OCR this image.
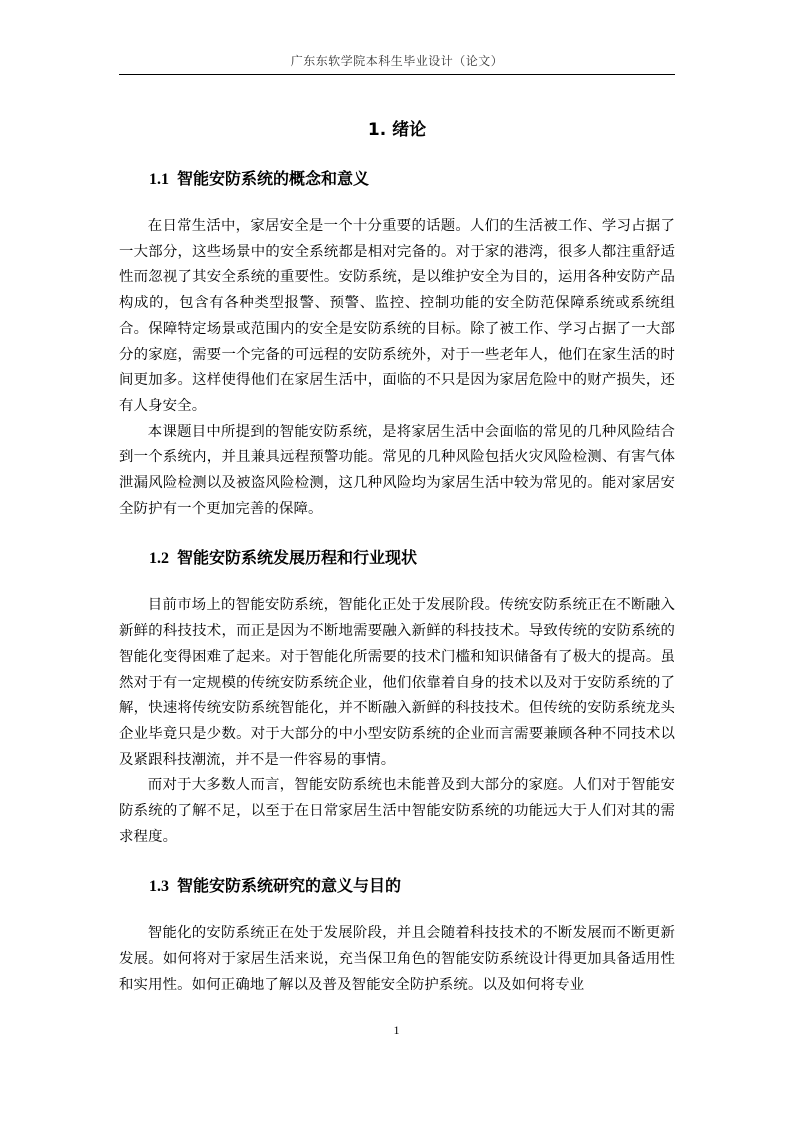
广东东软学院本科生毕业设计（论文）
1. 绪论
1.1 智能安防系统的概念和意义

在日常生活中，家居安全是一个十分重要的话题。人们的生活被工作、学习占据了一大部分，这些场景中的安全系统都是相对完备的。对于家的港湾，很多人都注重舒适性而忽视了其安全系统的重要性。安防系统，是以维护安全为目的，运用各种安防产品构成的，包含有各种类型报警、预警、监控、控制功能的安全防范保障系统或系统组合。保障特定场景或范围内的安全是安防系统的目标。除了被工作、学习占据了一大部分的家庭，需要一个完备的可远程的安防系统外，对于一些老年人，他们在家生活的时间更加多。这样使得他们在家居生活中，面临的不只是因为家居危险中的财产损失，还有人身安全。

本课题目中所提到的智能安防系统，是将家居生活中会面临的常见的几种风险结合到一个系统内，并且兼具远程预警功能。常见的几种风险包括火灾风险检测、有害气体泄漏风险检测以及被盗风险检测，这几种风险均为家居生活中较为常见的。能对家居安全防护有一个更加完善的保障。

1.2 智能安防系统发展历程和行业现状

目前市场上的智能安防系统，智能化正处于发展阶段。传统安防系统正在不断融入新鲜的科技技术，而正是因为不断地需要融入新鲜的科技技术。导致传统的安防系统的智能化变得困难了起来。对于智能化所需要的技术门槛和知识储备有了极大的提高。虽然对于有一定规模的传统安防系统企业，他们依靠着自身的技术以及对于安防系统的了解，快速将传统安防系统智能化，并不断融入新鲜的科技技术。但传统的安防系统龙头企业毕竟只是少数。对于大部分的中小型安防系统的企业而言需要兼顾各种不同技术以及紧跟科技潮流，并不是一件容易的事情。

而对于大多数人而言，智能安防系统也未能普及到大部分的家庭。人们对于智能安防系统的了解不足，以至于在日常家居生活中智能安防系统的功能远大于人们对其的需求程度。

1.3 智能安防系统研究的意义与目的

智能化的安防系统正在处于发展阶段，并且会随着科技技术的不断发展而不断更新发展。如何将对于家居生活来说，充当保卫角色的智能安防系统设计得更加具备适用性和实用性。如何正确地了解以及普及智能安全防护系统。以及如何将专业

1
